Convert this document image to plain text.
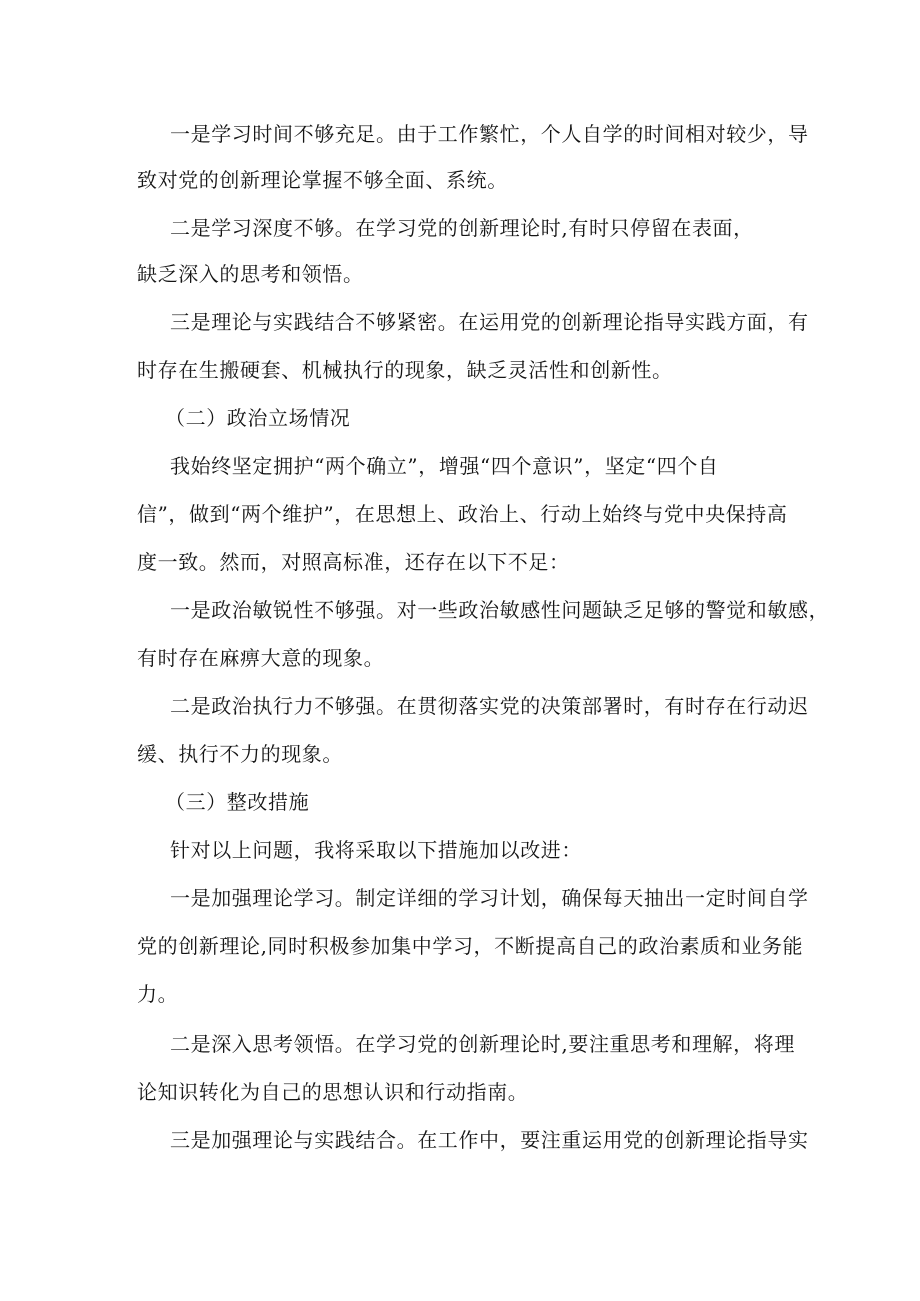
一是学习时间不够充足。由于工作繁忙，个人自学的时间相对较少，导

致对党的创新理论掌握不够全面、系统。

二是学习深度不够。在学习党的创新理论时,有时只停留在表面，

缺乏深入的思考和领悟。

三是理论与实践结合不够紧密。在运用党的创新理论指导实践方面，有

时存在生搬硬套、机械执行的现象，缺乏灵活性和创新性。

（二）政治立场情况

我始终坚定拥护“两个确立”，增强“四个意识”，坚定“四个自

信”，做到“两个维护”，在思想上、政治上、行动上始终与党中央保持高

度一致。然而，对照高标准，还存在以下不足：

一是政治敏锐性不够强。对一些政治敏感性问题缺乏足够的警觉和敏感，

有时存在麻痹大意的现象。

二是政治执行力不够强。在贯彻落实党的决策部署时，有时存在行动迟

缓、执行不力的现象。

（三）整改措施

针对以上问题，我将采取以下措施加以改进：

一是加强理论学习。制定详细的学习计划，确保每天抽出一定时间自学

党的创新理论,同时积极参加集中学习，不断提高自己的政治素质和业务能

力。

二是深入思考领悟。在学习党的创新理论时,要注重思考和理解，将理

论知识转化为自己的思想认识和行动指南。

三是加强理论与实践结合。在工作中，要注重运用党的创新理论指导实
